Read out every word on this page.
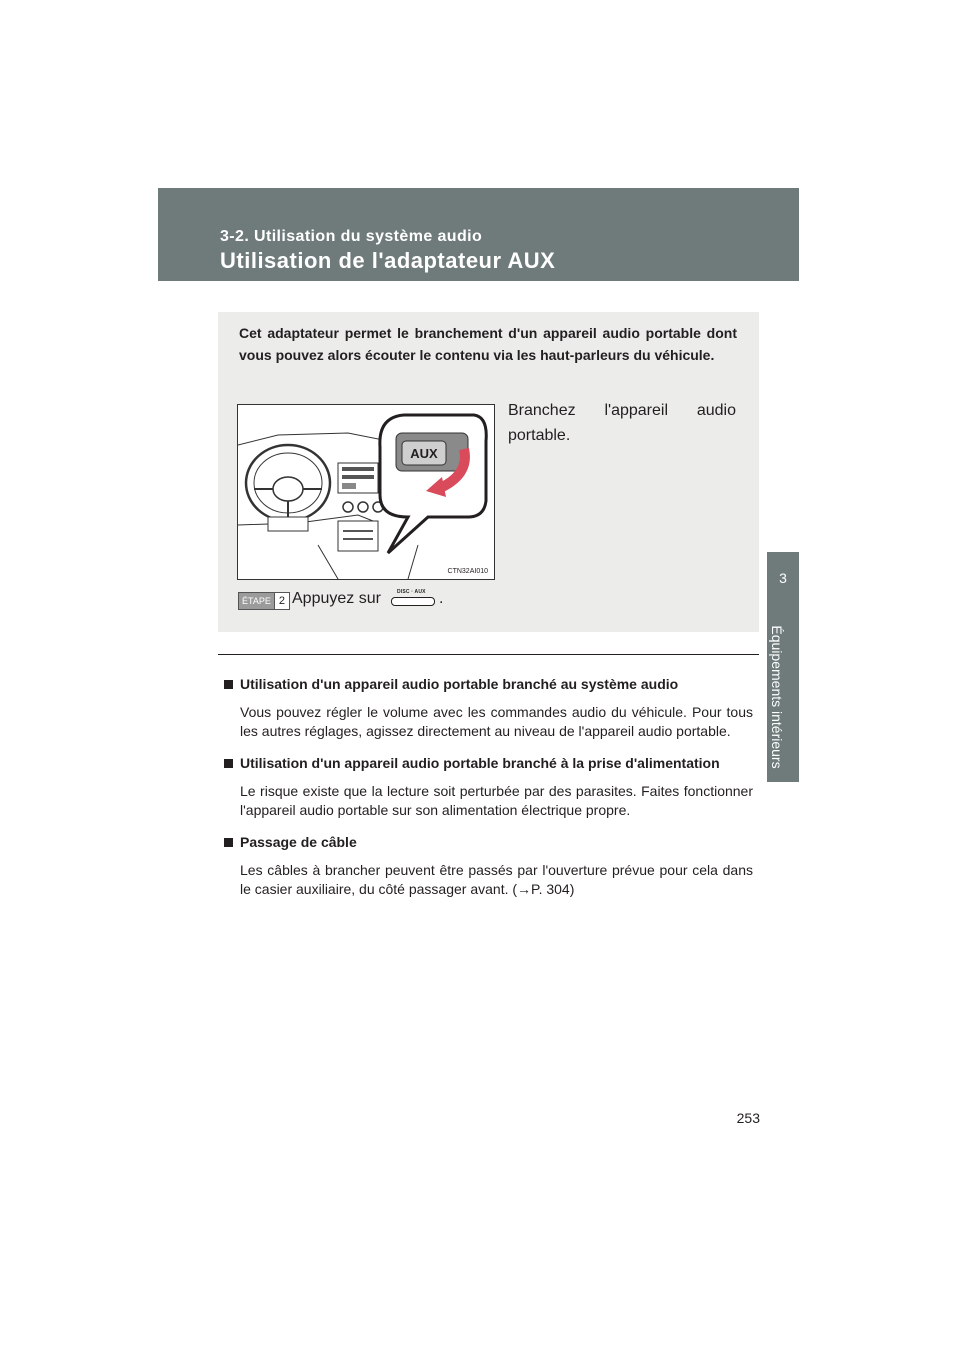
3-2. Utilisation du système audio
Utilisation de l'adaptateur AUX
3
Équipements intérieurs
Cet adaptateur permet le branchement d'un appareil audio portable dont vous pouvez alors écouter le contenu via les haut-parleurs du véhicule.
AUX
CTN32AI010
Branchez l'appareil audio portable.
ÉTAPE 2 Appuyez sur	DISC · AUX .
Utilisation d'un appareil audio portable branché au système audio
Vous pouvez régler le volume avec les commandes audio du véhicule. Pour tous les autres réglages, agissez directement au niveau de l'appareil audio portable.
Utilisation d'un appareil audio portable branché à la prise d'alimentation
Le risque existe que la lecture soit perturbée par des parasites. Faites fonctionner l'appareil audio portable sur son alimentation électrique propre.
Passage de câble
Les câbles à brancher peuvent être passés par l'ouverture prévue pour cela dans le casier auxiliaire, du côté passager avant. (→P. 304)
253
